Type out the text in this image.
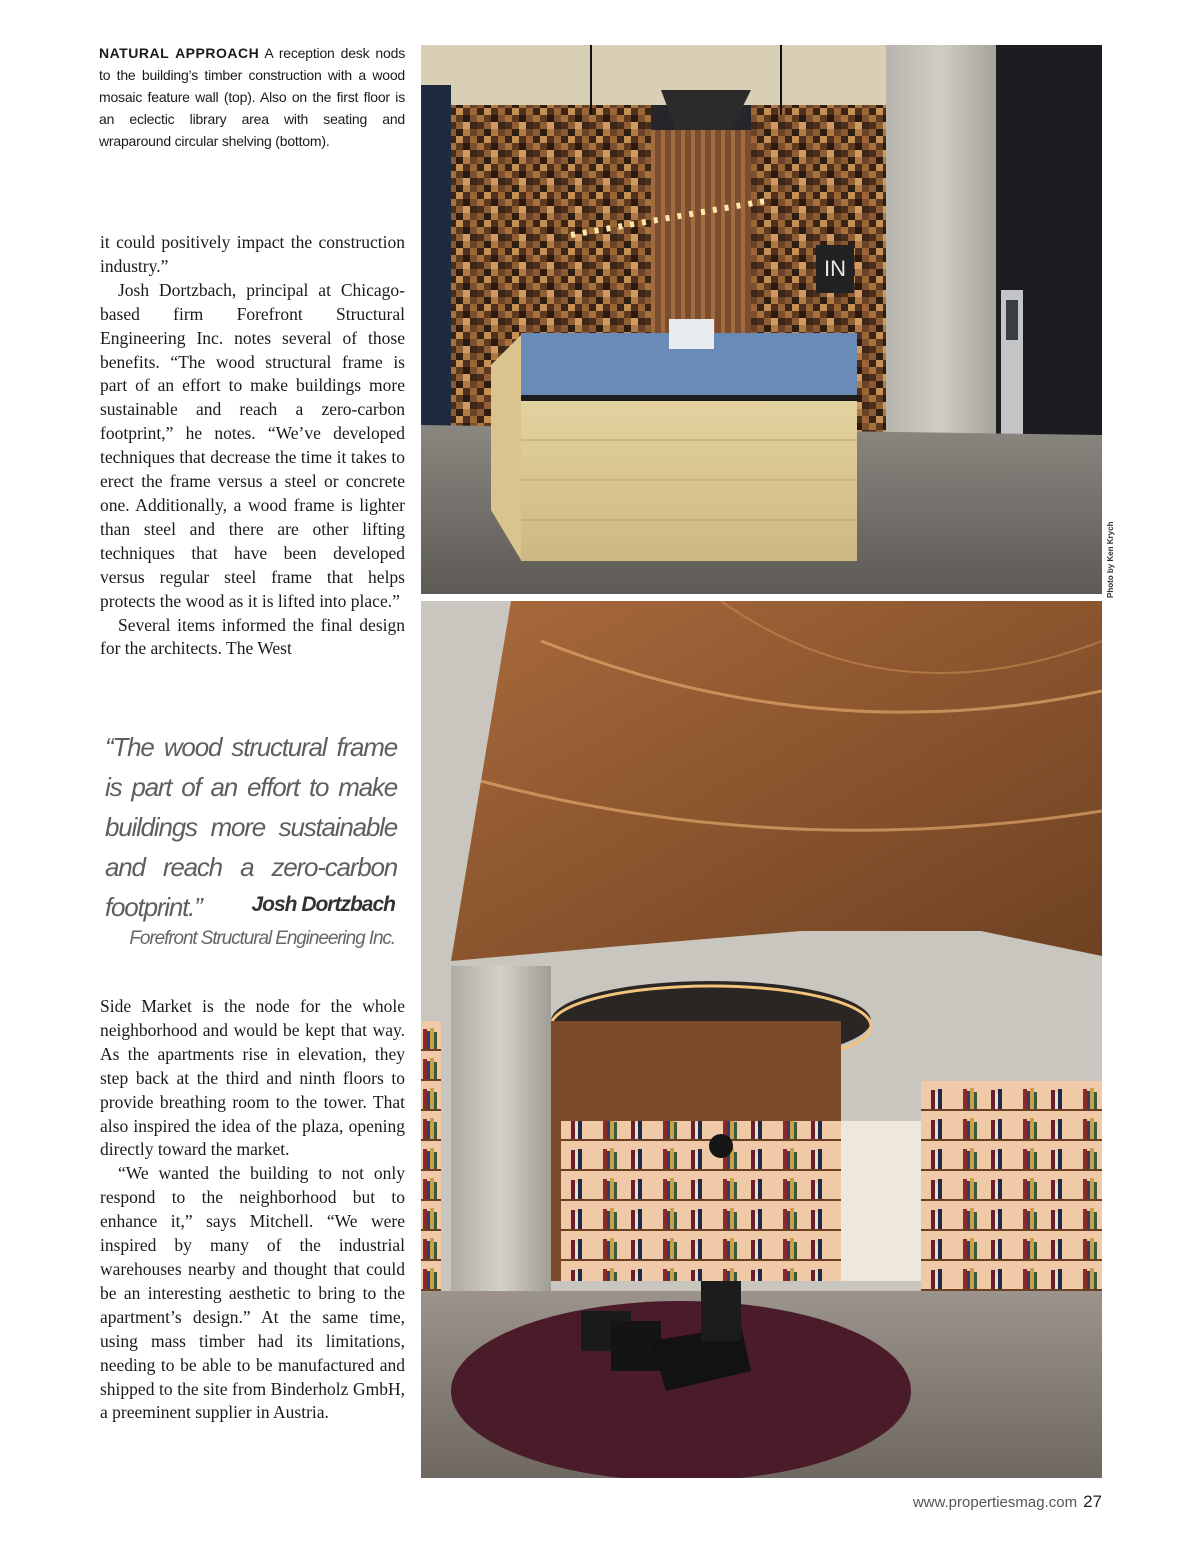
NATURAL APPROACH A reception desk nods to the building’s timber construction with a wood mosaic feature wall (top). Also on the first floor is an eclectic library area with seating and wraparound circular shelving (bottom).

it could positively impact the construction industry.”

Josh Dortzbach, principal at Chicago-based firm Forefront Structural Engineering Inc. notes several of those benefits. “The wood structural frame is part of an effort to make buildings more sustainable and reach a zero-carbon footprint,” he notes. “We’ve developed techniques that decrease the time it takes to erect the frame versus a steel or concrete one. Additionally, a wood frame is lighter than steel and there are other lifting techniques that have been developed versus regular steel frame that helps protects the wood as it is lifted into place.”

Several items informed the final design for the architects. The West

“The wood structural frame is part of an effort to make buildings more sustainable and reach a zero-carbon footprint.”	Josh Dortzbach
Forefront Structural Engineering Inc.

Side Market is the node for the whole neighborhood and would be kept that way. As the apartments rise in elevation, they step back at the third and ninth floors to provide breathing room to the tower. That also inspired the idea of the plaza, opening directly toward the market.

“We wanted the building to not only respond to the neighborhood but to enhance it,” says Mitchell. “We were inspired by many of the industrial warehouses nearby and thought that could be an interesting aesthetic to bring to the apartment’s design.” At the same time, using mass timber had its limitations, needing to be able to be manufactured and shipped to the site from Binderholz GmbH, a preeminent supplier in Austria.

IN
Photo by Ken Krych
www.propertiesmag.com 27
